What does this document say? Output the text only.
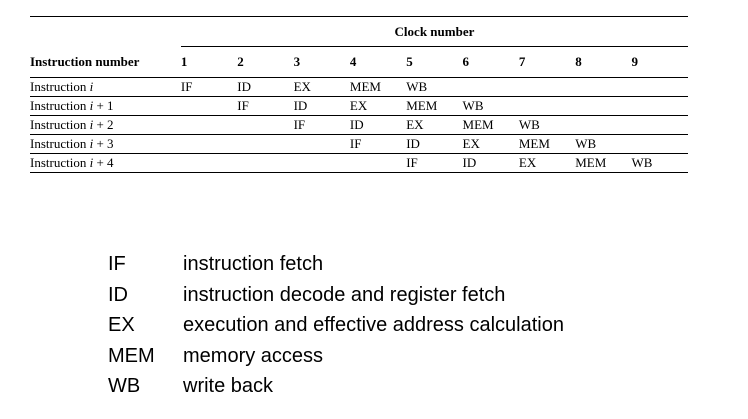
	Clock number								
Instruction number	1	2	3	4	5	6	7	8	9
Instruction i	IF	ID	EX	MEM	WB				
Instruction i + 1		IF	ID	EX	MEM	WB			
Instruction i + 2			IF	ID	EX	MEM	WB		
Instruction i + 3				IF	ID	EX	MEM	WB	
Instruction i + 4					IF	ID	EX	MEM	WB
IF	instruction fetch
ID	instruction decode and register fetch
EX	execution and effective address calculation
MEM	memory access
WB	write back
